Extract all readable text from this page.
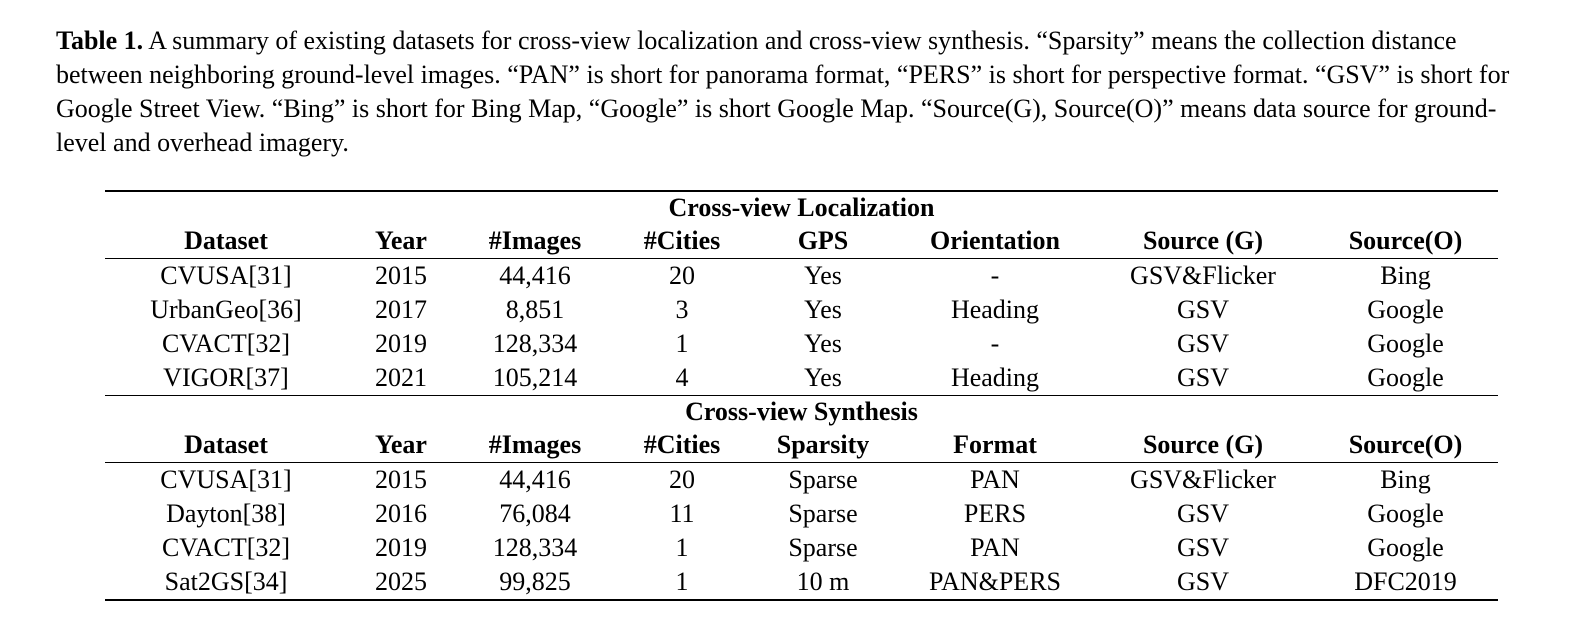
Table 1. A summary of existing datasets for cross-view localization and cross-view synthesis. “Sparsity” means the collection distance between neighboring ground-level images. “PAN” is short for panorama format, “PERS” is short for perspective format. “GSV” is short for Google Street View. “Bing” is short for Bing Map, “Google” is short Google Map. “Source(G), Source(O)” means data source for ground-level and overhead imagery.

Cross-view Localization							
Dataset	Year	#Images	#Cities	GPS	Orientation	Source (G)	Source(O)
CVUSA[31]	2015	44,416	20	Yes	-	GSV&Flicker	Bing
UrbanGeo[36]	2017	8,851	3	Yes	Heading	GSV	Google
CVACT[32]	2019	128,334	1	Yes	-	GSV	Google
VIGOR[37]	2021	105,214	4	Yes	Heading	GSV	Google
Cross-view Synthesis							
Dataset	Year	#Images	#Cities	Sparsity	Format	Source (G)	Source(O)
CVUSA[31]	2015	44,416	20	Sparse	PAN	GSV&Flicker	Bing
Dayton[38]	2016	76,084	11	Sparse	PERS	GSV	Google
CVACT[32]	2019	128,334	1	Sparse	PAN	GSV	Google
Sat2GS[34]	2025	99,825	1	10 m	PAN&PERS	GSV	DFC2019
